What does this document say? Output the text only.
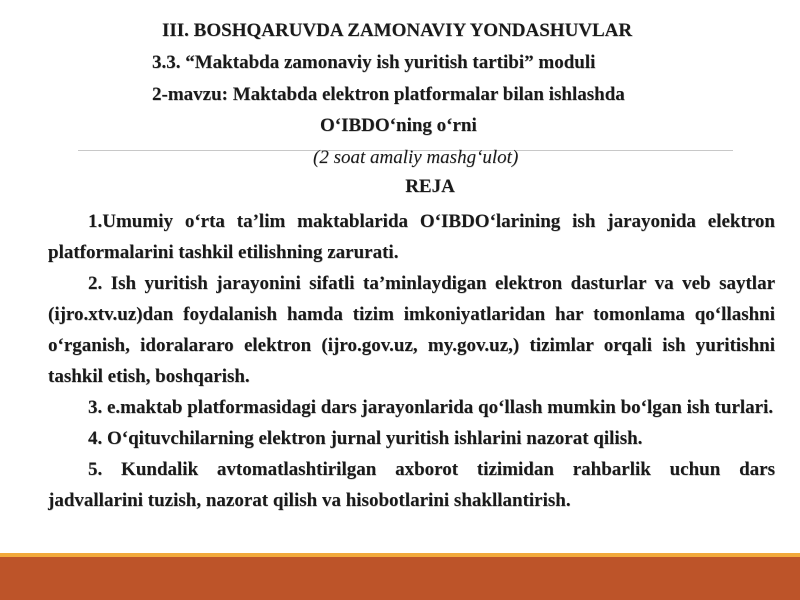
III. BOSHQARUVDA ZAMONAVIY YONDASHUVLAR
3.3. “Maktabda zamonaviy ish yuritish tartibi” moduli
2-mavzu: Maktabda elektron platformalar bilan ishlashda
O‘IBDO‘ning o‘rni
(2 soat amaliy mashg‘ulot)
REJA

1.Umumiy o‘rta ta’lim maktablarida O‘IBDO‘larining ish jarayonida elektron platformalarini tashkil etilishning zarurati.

2. Ish yuritish jarayonini sifatli ta’minlaydigan elektron dasturlar va veb saytlar (ijro.xtv.uz)dan foydalanish hamda tizim imkoniyatlaridan har tomonlama qo‘llashni o‘rganish, idoralararo elektron (ijro.gov.uz, my.gov.uz,) tizimlar orqali ish yuritishni tashkil etish, boshqarish.

3. e.maktab platformasidagi dars jarayonlarida qo‘llash mumkin bo‘lgan ish turlari.

4. O‘qituvchilarning elektron jurnal yuritish ishlarini nazorat qilish.

5. Kundalik avtomatlashtirilgan axborot tizimidan rahbarlik uchun dars jadvallarini tuzish, nazorat qilish va hisobotlarini shakllantirish.
